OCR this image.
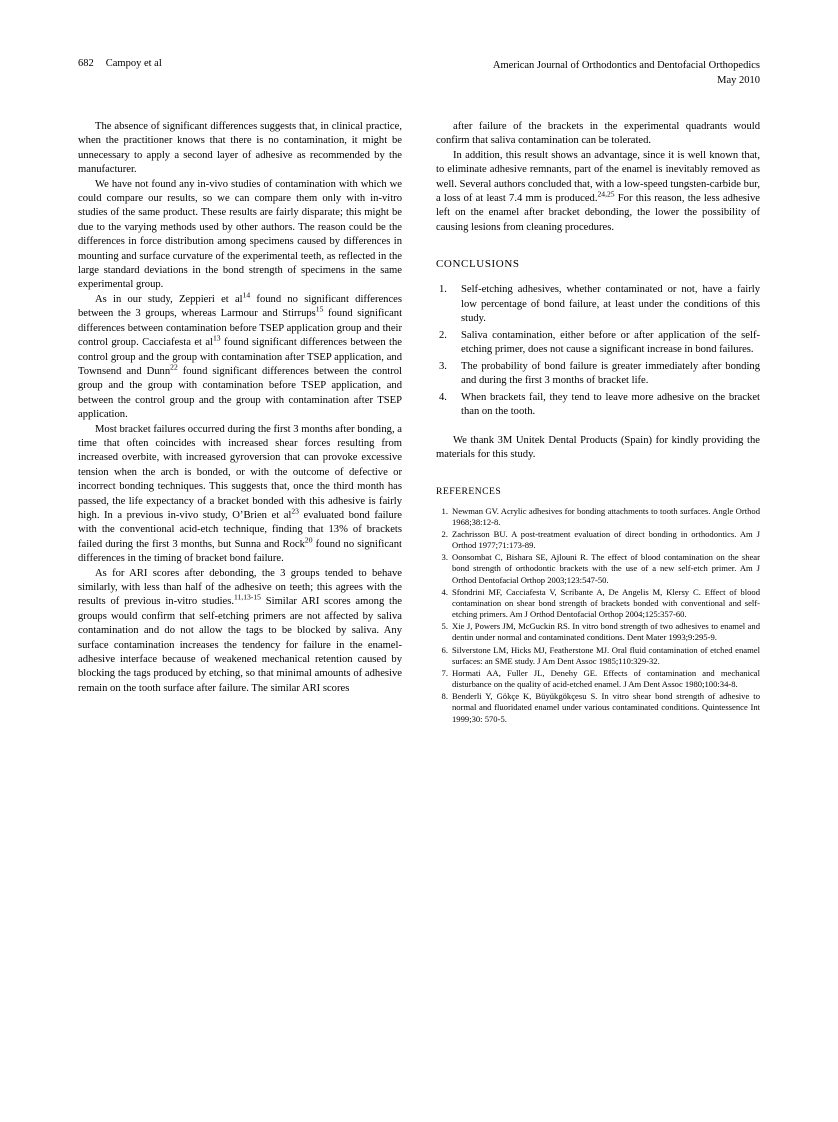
682 Campoy et al	American Journal of Orthodontics and Dentofacial Orthopedics
May 2010

The absence of significant differences suggests that, in clinical practice, when the practitioner knows that there is no contamination, it might be unnecessary to apply a second layer of adhesive as recommended by the manufacturer.

We have not found any in-vivo studies of contamination with which we could compare our results, so we can compare them only with in-vitro studies of the same product. These results are fairly disparate; this might be due to the varying methods used by other authors. The reason could be the differences in force distribution among specimens caused by differences in mounting and surface curvature of the experimental teeth, as reflected in the large standard deviations in the bond strength of specimens in the same experimental group.

As in our study, Zeppieri et $al^{14}$ found no significant differences between the 3 groups, whereas Larmour and Stirrups$^{15}$ found significant differences between contamination before TSEP application group and their control group. Cacciafesta et $al^{13}$ found significant differences between the control group and the group with contamination after TSEP application, and Townsend and Dunn$^{22}$ found significant differences between the control group and the group with contamination before TSEP application, and between the control group and the group with contamination after TSEP application.

Most bracket failures occurred during the first 3 months after bonding, a time that often coincides with increased shear forces resulting from increased overbite, with increased gyroversion that can provoke excessive tension when the arch is bonded, or with the outcome of defective or incorrect bonding techniques. This suggests that, once the third month has passed, the life expectancy of a bracket bonded with this adhesive is fairly high. In a previous in-vivo study, O’Brien et $al^{23}$ evaluated bond failure with the conventional acid-etch technique, finding that 13% of brackets failed during the first 3 months, but Sunna and Rock$^{20}$ found no significant differences in the timing of bracket bond failure.

As for ARI scores after debonding, the 3 groups tended to behave similarly, with less than half of the adhesive on teeth; this agrees with the results of previous in-vitro studies.$^{11,13-15}$ Similar ARI scores among the groups would confirm that self-etching primers are not affected by saliva contamination and do not allow the tags to be blocked by saliva. Any surface contamination increases the tendency for failure in the enamel-adhesive interface because of weakened mechanical retention caused by blocking the tags produced by etching, so that minimal amounts of adhesive remain on the tooth surface after failure. The similar ARI scores

after failure of the brackets in the experimental quadrants would confirm that saliva contamination can be tolerated.

In addition, this result shows an advantage, since it is well known that, to eliminate adhesive remnants, part of the enamel is inevitably removed as well. Several authors concluded that, with a low-speed tungsten-carbide bur, a loss of at least 7.4 mm is produced.$^{24,25}$ For this reason, the less adhesive left on the enamel after bracket debonding, the lower the possibility of causing lesions from cleaning procedures.

CONCLUSIONS
1. Self-etching adhesives, whether contaminated or not, have a fairly low percentage of bond failure, at least under the conditions of this study.
2. Saliva contamination, either before or after application of the self-etching primer, does not cause a significant increase in bond failures.
3. The probability of bond failure is greater immediately after bonding and during the first 3 months of bracket life.
4. When brackets fail, they tend to leave more adhesive on the bracket than on the tooth.

We thank 3M Unitek Dental Products (Spain) for kindly providing the materials for this study.

REFERENCES
1. Newman GV. Acrylic adhesives for bonding attachments to tooth surfaces. Angle Orthod 1968;38:12-8.
2. Zachrisson BU. A post-treatment evaluation of direct bonding in orthodontics. Am J Orthod 1977;71:173-89.
3. Oonsombat C, Bishara SE, Ajlouni R. The effect of blood contamination on the shear bond strength of orthodontic brackets with the use of a new self-etch primer. Am J Orthod Dentofacial Orthop 2003;123:547-50.
4. Sfondrini MF, Cacciafesta V, Scribante A, De Angelis M, Klersy C. Effect of blood contamination on shear bond strength of brackets bonded with conventional and self-etching primers. Am J Orthod Dentofacial Orthop 2004;125:357-60.
5. Xie J, Powers JM, McGuckin RS. In vitro bond strength of two adhesives to enamel and dentin under normal and contaminated conditions. Dent Mater 1993;9:295-9.
6. Silverstone LM, Hicks MJ, Featherstone MJ. Oral fluid contamination of etched enamel surfaces: an SME study. J Am Dent Assoc 1985;110:329-32.
7. Hormati AA, Fuller JL, Denehy GE. Effects of contamination and mechanical disturbance on the quality of acid-etched enamel. J Am Dent Assoc 1980;100:34-8.
8. Benderli Y, Gökçe K, Büyükgökçesu S. In vitro shear bond strength of adhesive to normal and fluoridated enamel under various contaminated conditions. Quintessence Int 1999;30: 570-5.
